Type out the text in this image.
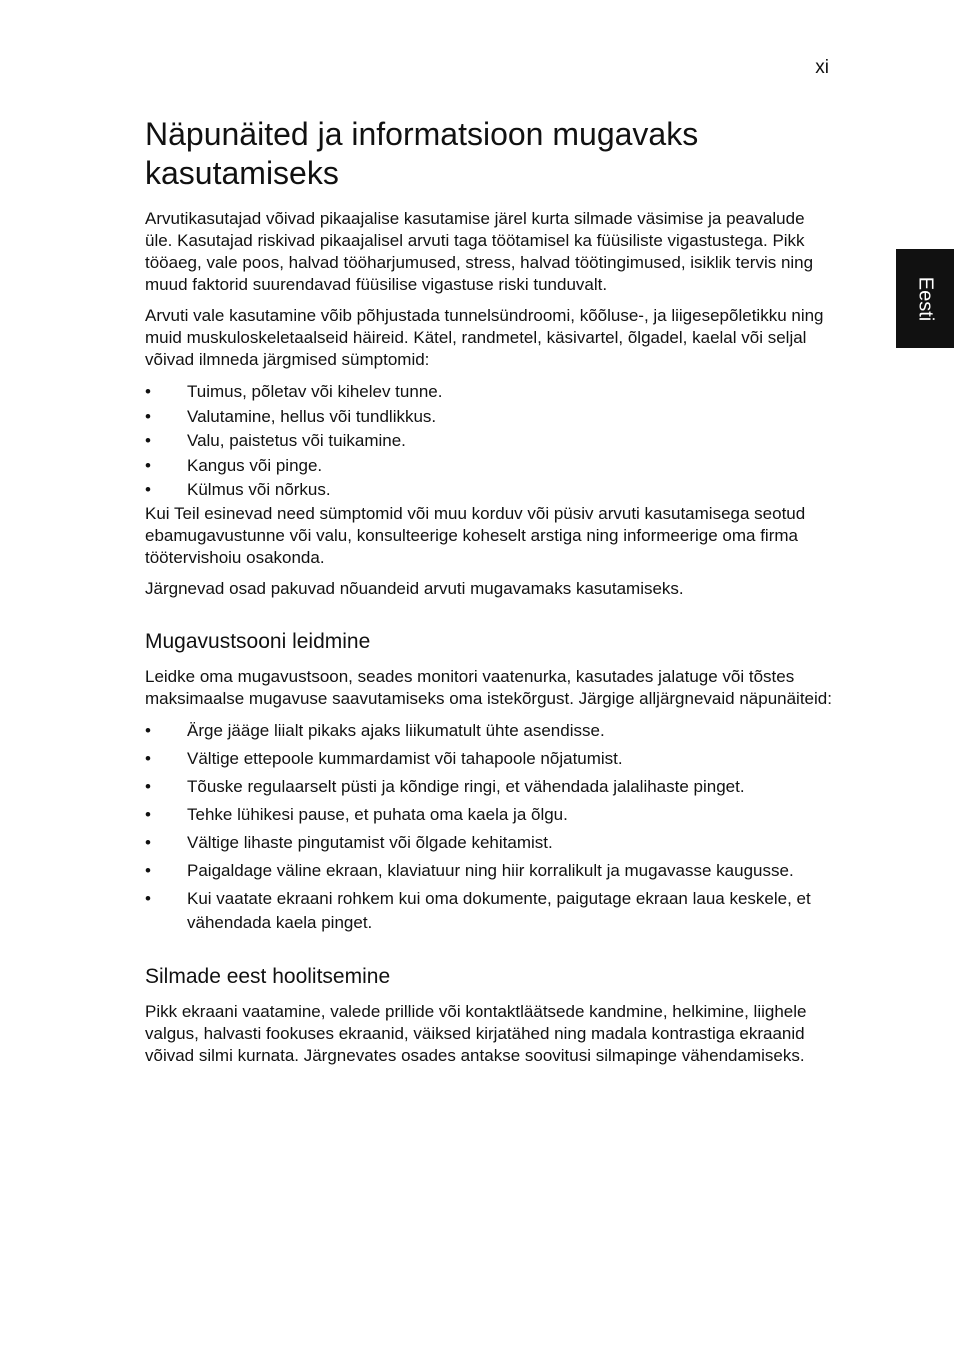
xi
Eesti
Näpunäited ja informatsioon mugavaks kasutamiseks

Arvutikasutajad võivad pikaajalise kasutamise järel kurta silmade väsimise ja peavalude üle. Kasutajad riskivad pikaajalisel arvuti taga töötamisel ka füüsiliste vigastustega. Pikk tööaeg, vale poos, halvad tööharjumused, stress, halvad töötingimused, isiklik tervis ning muud faktorid suurendavad füüsilise vigastuse riski tunduvalt.

Arvuti vale kasutamine võib põhjustada tunnelsündroomi, kõõluse-, ja liigesepõletikku ning muid muskuloskeletaalseid häireid. Kätel, randmetel, käsivartel, õlgadel, kaelal või seljal võivad ilmneda järgmised sümptomid:

• Tuimus, põletav või kihelev tunne.
• Valutamine, hellus või tundlikkus.
• Valu, paistetus või tuikamine.
• Kangus või pinge.
• Külmus või nõrkus.

Kui Teil esinevad need sümptomid või muu korduv või püsiv arvuti kasutamisega seotud ebamugavustunne või valu, konsulteerige koheselt arstiga ning informeerige oma firma töötervishoiu osakonda.

Järgnevad osad pakuvad nõuandeid arvuti mugavamaks kasutamiseks.

Mugavustsooni leidmine

Leidke oma mugavustsoon, seades monitori vaatenurka, kasutades jalatuge või tõstes maksimaalse mugavuse saavutamiseks oma istekõrgust. Järgige alljärgnevaid näpunäiteid:

• Ärge jääge liialt pikaks ajaks liikumatult ühte asendisse.
• Vältige ettepoole kummardamist või tahapoole nõjatumist.
• Tõuske regulaarselt püsti ja kõndige ringi, et vähendada jalalihaste pinget.
• Tehke lühikesi pause, et puhata oma kaela ja õlgu.
• Vältige lihaste pingutamist või õlgade kehitamist.
• Paigaldage väline ekraan, klaviatuur ning hiir korralikult ja mugavasse kaugusse.
• Kui vaatate ekraani rohkem kui oma dokumente, paigutage ekraan laua keskele, et vähendada kaela pinget.
Silmade eest hoolitsemine

Pikk ekraani vaatamine, valede prillide või kontaktläätsede kandmine, helkimine, liighele valgus, halvasti fookuses ekraanid, väiksed kirjatähed ning madala kontrastiga ekraanid võivad silmi kurnata. Järgnevates osades antakse soovitusi silmapinge vähendamiseks.
